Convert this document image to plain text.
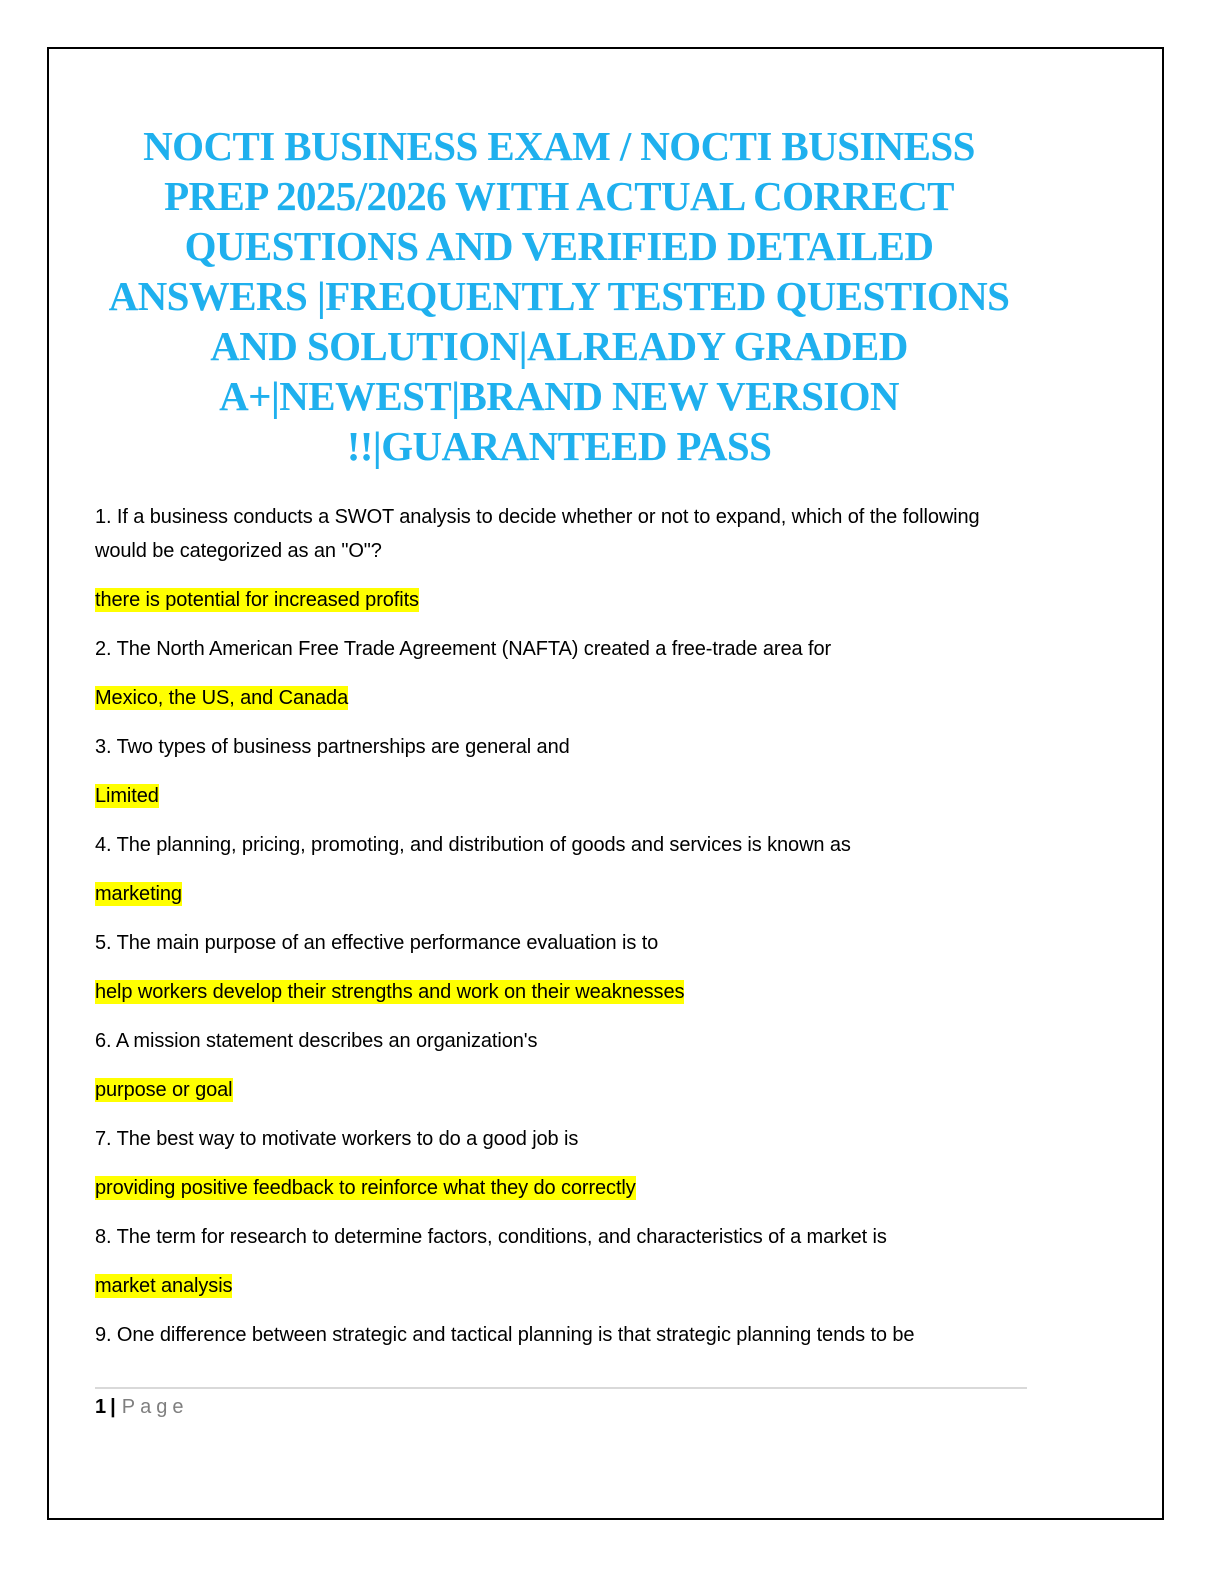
NOCTI BUSINESS EXAM / NOCTI BUSINESS PREP 2025/2026 WITH ACTUAL CORRECT QUESTIONS AND VERIFIED DETAILED ANSWERS |FREQUENTLY TESTED QUESTIONS AND SOLUTION|ALREADY GRADED A+|NEWEST|BRAND NEW VERSION !!|GUARANTEED PASS

1. If a business conducts a SWOT analysis to decide whether or not to expand, which of the following would be categorized as an "O"?

there is potential for increased profits

2. The North American Free Trade Agreement (NAFTA) created a free-trade area for

Mexico, the US, and Canada

3. Two types of business partnerships are general and

Limited

4. The planning, pricing, promoting, and distribution of goods and services is known as

marketing

5. The main purpose of an effective performance evaluation is to

help workers develop their strengths and work on their weaknesses

6. A mission statement describes an organization's

purpose or goal

7. The best way to motivate workers to do a good job is

providing positive feedback to reinforce what they do correctly

8. The term for research to determine factors, conditions, and characteristics of a market is

market analysis

9. One difference between strategic and tactical planning is that strategic planning tends to be

1 | Page
